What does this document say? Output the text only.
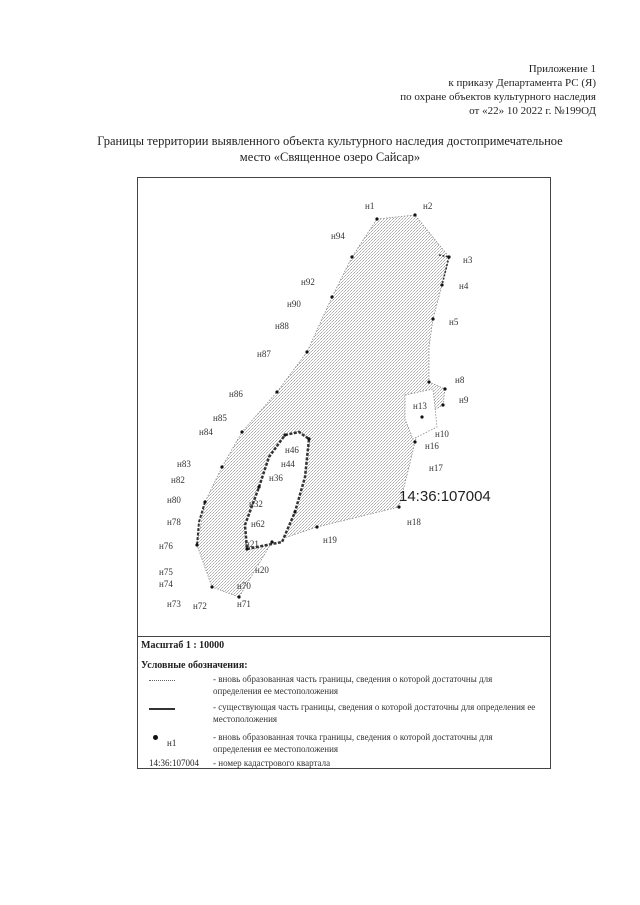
Приложение 1
к приказу Департамента РС (Я)
по охране объектов культурного наследия
от «22» 10 2022 г. №199ОД
Границы территории выявленного объекта культурного наследия достопримечательное
место «Священное озеро Сайсар»
н1	н2
н3
н4
н5
н8
н9
н10
н13
н16
н17
н18
н19
н20
н21
н32
н36
н44
н46
н62
н70
н71
н72
н73
н74
н75
н76
н78
н80
н82
н83
н84
н85
н86
н87
н88
н90
н92
н94
14:36:107004
Масштаб 1 : 10000
Условные обозначения:
- вновь образованная часть границы, сведения о которой достаточны для определения ее местоположения
- существующая часть границы, сведения о которой достаточны для определения ее местоположения
н1
- вновь образованная точка границы, сведения о которой достаточны для определения ее местоположения
14:36:107004 - номер кадастрового квартала
